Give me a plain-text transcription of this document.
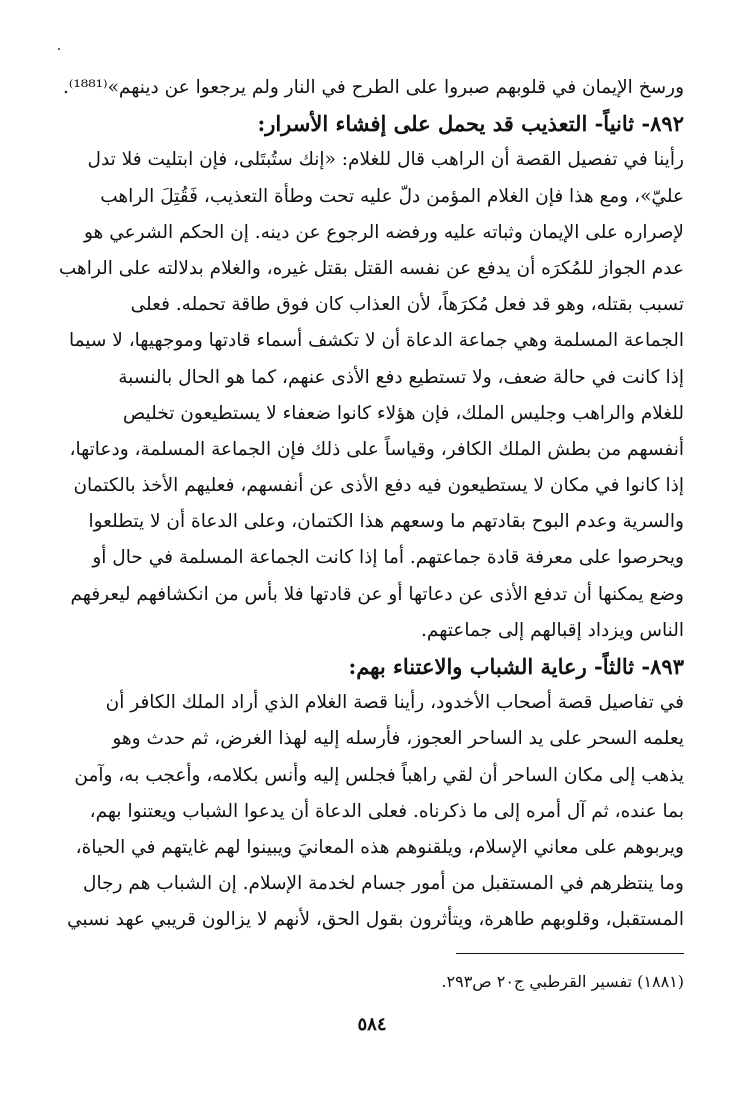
ورسخ الإيمان في قلوبهم صبروا على الطرح في النار ولم يرجعوا عن دينهم»⁽¹⁸⁸¹⁾.
٨٩٢- ثانياً- التعذيب قد يحمل على إفشاء الأسرار:
رأينا في تفصيل القصة أن الراهب قال للغلام: «إنك ستُبتَلى، فإن ابتليت فلا تدل
عليّ»، ومع هذا فإن الغلام المؤمن دلّ عليه تحت وطأة التعذيب، فَقُتِلَ الراهب
لإصراره على الإيمان وثباته عليه ورفضه الرجوع عن دينه. إن الحكم الشرعي هو
عدم الجواز للمُكرَه أن يدفع عن نفسه القتل بقتل غيره، والغلام بدلالته على الراهب
تسبب بقتله، وهو قد فعل مُكرَهاً، لأن العذاب كان فوق طاقة تحمله. فعلى
الجماعة المسلمة وهي جماعة الدعاة أن لا تكشف أسماء قادتها وموجهيها، لا سيما
إذا كانت في حالة ضعف، ولا تستطيع دفع الأذى عنهم، كما هو الحال بالنسبة
للغلام والراهب وجليس الملك، فإن هؤلاء كانوا ضعفاء لا يستطيعون تخليص
أنفسهم من بطش الملك الكافر، وقياساً على ذلك فإن الجماعة المسلمة، ودعاتها،
إذا كانوا في مكان لا يستطيعون فيه دفع الأذى عن أنفسهم، فعليهم الأخذ بالكتمان
والسرية وعدم البوح بقادتهم ما وسعهم هذا الكتمان، وعلى الدعاة أن لا يتطلعوا
ويحرصوا على معرفة قادة جماعتهم. أما إذا كانت الجماعة المسلمة في حال أو
وضع يمكنها أن تدفع الأذى عن دعاتها أو عن قادتها فلا بأس من انكشافهم ليعرفهم
الناس ويزداد إقبالهم إلى جماعتهم.
٨٩٣- ثالثاً- رعاية الشباب والاعتناء بهم:
في تفاصيل قصة أصحاب الأخدود، رأينا قصة الغلام الذي أراد الملك الكافر أن
يعلمه السحر على يد الساحر العجوز، فأرسله إليه لهذا الغرض، ثم حدث وهو
يذهب إلى مكان الساحر أن لقي راهباً فجلس إليه وأنس بكلامه، وأعجب به، وآمن
بما عنده، ثم آل أمره إلى ما ذكرناه. فعلى الدعاة أن يدعوا الشباب ويعتنوا بهم،
ويربوهم على معاني الإسلام، ويلقنوهم هذه المعانيَ ويبينوا لهم غايتهم في الحياة،
وما ينتظرهم في المستقبل من أمور جسام لخدمة الإسلام. إن الشباب هم رجال
المستقبل، وقلوبهم طاهرة، ويتأثرون بقول الحق، لأنهم لا يزالون قريبي عهد نسبي
(١٨٨١) تفسير القرطبي ج٢٠ ص٢٩٣.
٥٨٤
